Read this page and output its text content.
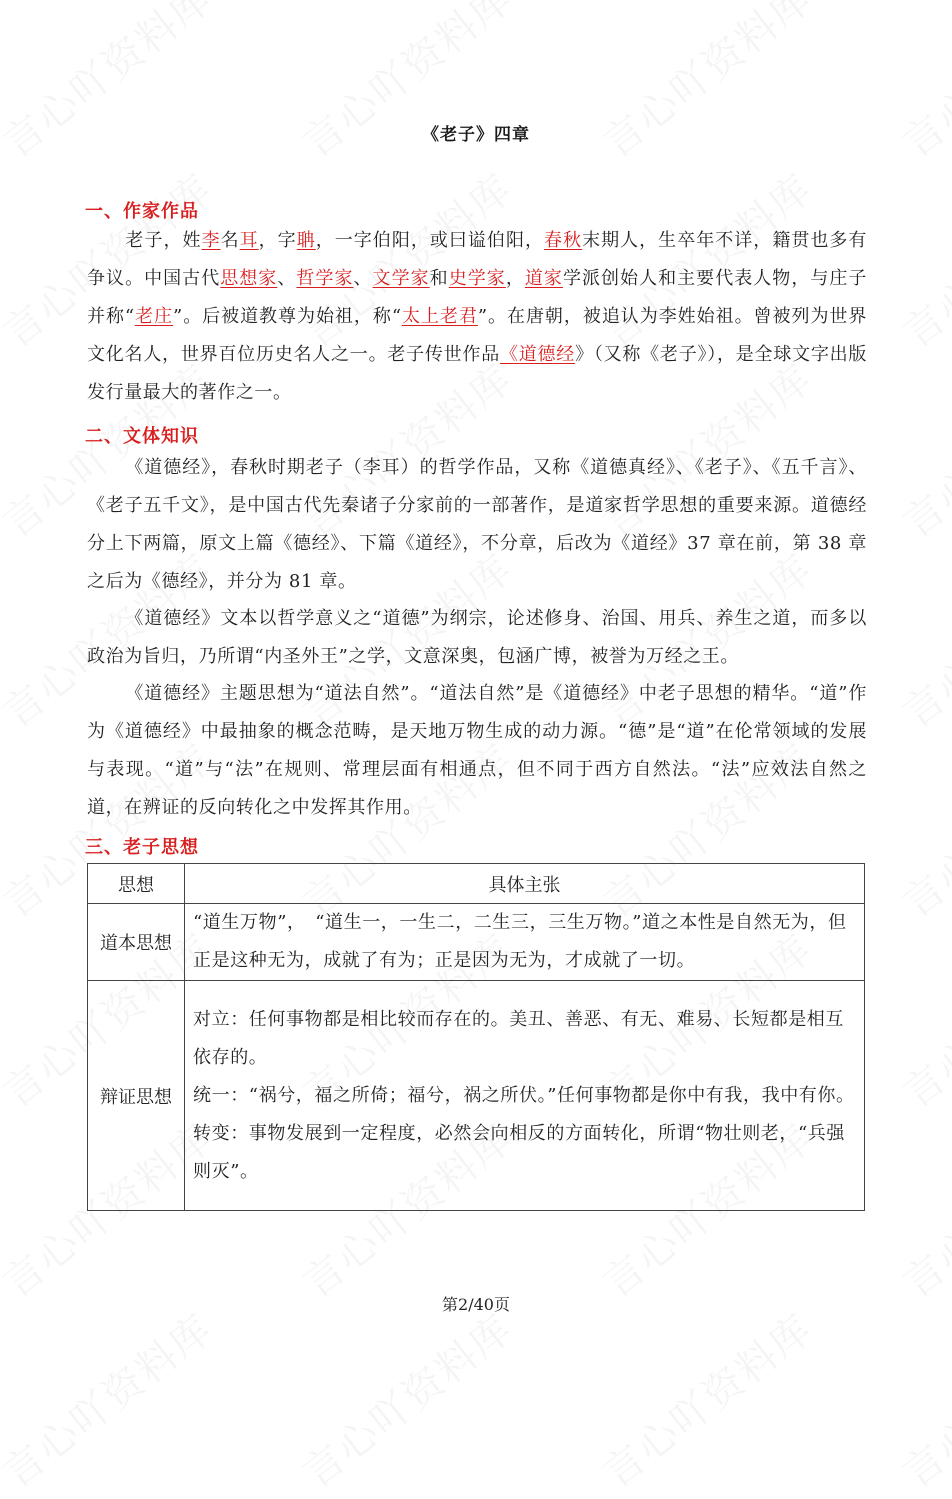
《老子》四章
一、作家作品
老子，姓李名耳，字聃，一字伯阳，或曰谥伯阳，春秋末期人，生卒年不详，籍贯也多有争议。中国古代思想家、哲学家、文学家和史学家，道家学派创始人和主要代表人物，与庄子并称“老庄”。后被道教尊为始祖，称“太上老君”。在唐朝，被追认为李姓始祖。曾被列为世界文化名人，世界百位历史名人之一。老子传世作品《道德经》（又称《老子》），是全球文字出版发行量最大的著作之一。
二、文体知识
《道德经》，春秋时期老子（李耳）的哲学作品，又称《道德真经》、《老子》、《五千言》、《老子五千文》，是中国古代先秦诸子分家前的一部著作，是道家哲学思想的重要来源。道德经分上下两篇，原文上篇《德经》、下篇《道经》，不分章，后改为《道经》37 章在前，第 38 章之后为《德经》，并分为 81 章。
《道德经》文本以哲学意义之“道德”为纲宗，论述修身、治国、用兵、养生之道，而多以政治为旨归，乃所谓“内圣外王”之学，文意深奥，包涵广博，被誉为万经之王。
《道德经》主题思想为“道法自然”。“道法自然”是《道德经》中老子思想的精华。“道”作为《道德经》中最抽象的概念范畴，是天地万物生成的动力源。“德”是“道”在伦常领域的发展与表现。“道”与“法”在规则、常理层面有相通点，但不同于西方自然法。“法”应效法自然之道，在辨证的反向转化之中发挥其作用。
三、老子思想
思想	具体主张
道本思想	“道生万物”，　“道生一，一生二，二生三，三生万物。”道之本性是自然无为，但正是这种无为，成就了有为；正是因为无为，才成就了一切。

辩证思想	对立：任何事物都是相比较而存在的。美丑、善恶、有无、难易、长短都是相互依存的。
统一：“祸兮，福之所倚；福兮，祸之所伏。”任何事物都是你中有我，我中有你。
转变：事物发展到一定程度，必然会向相反的方面转化，所谓“物壮则老，“兵强则灭”。
第2/40页
